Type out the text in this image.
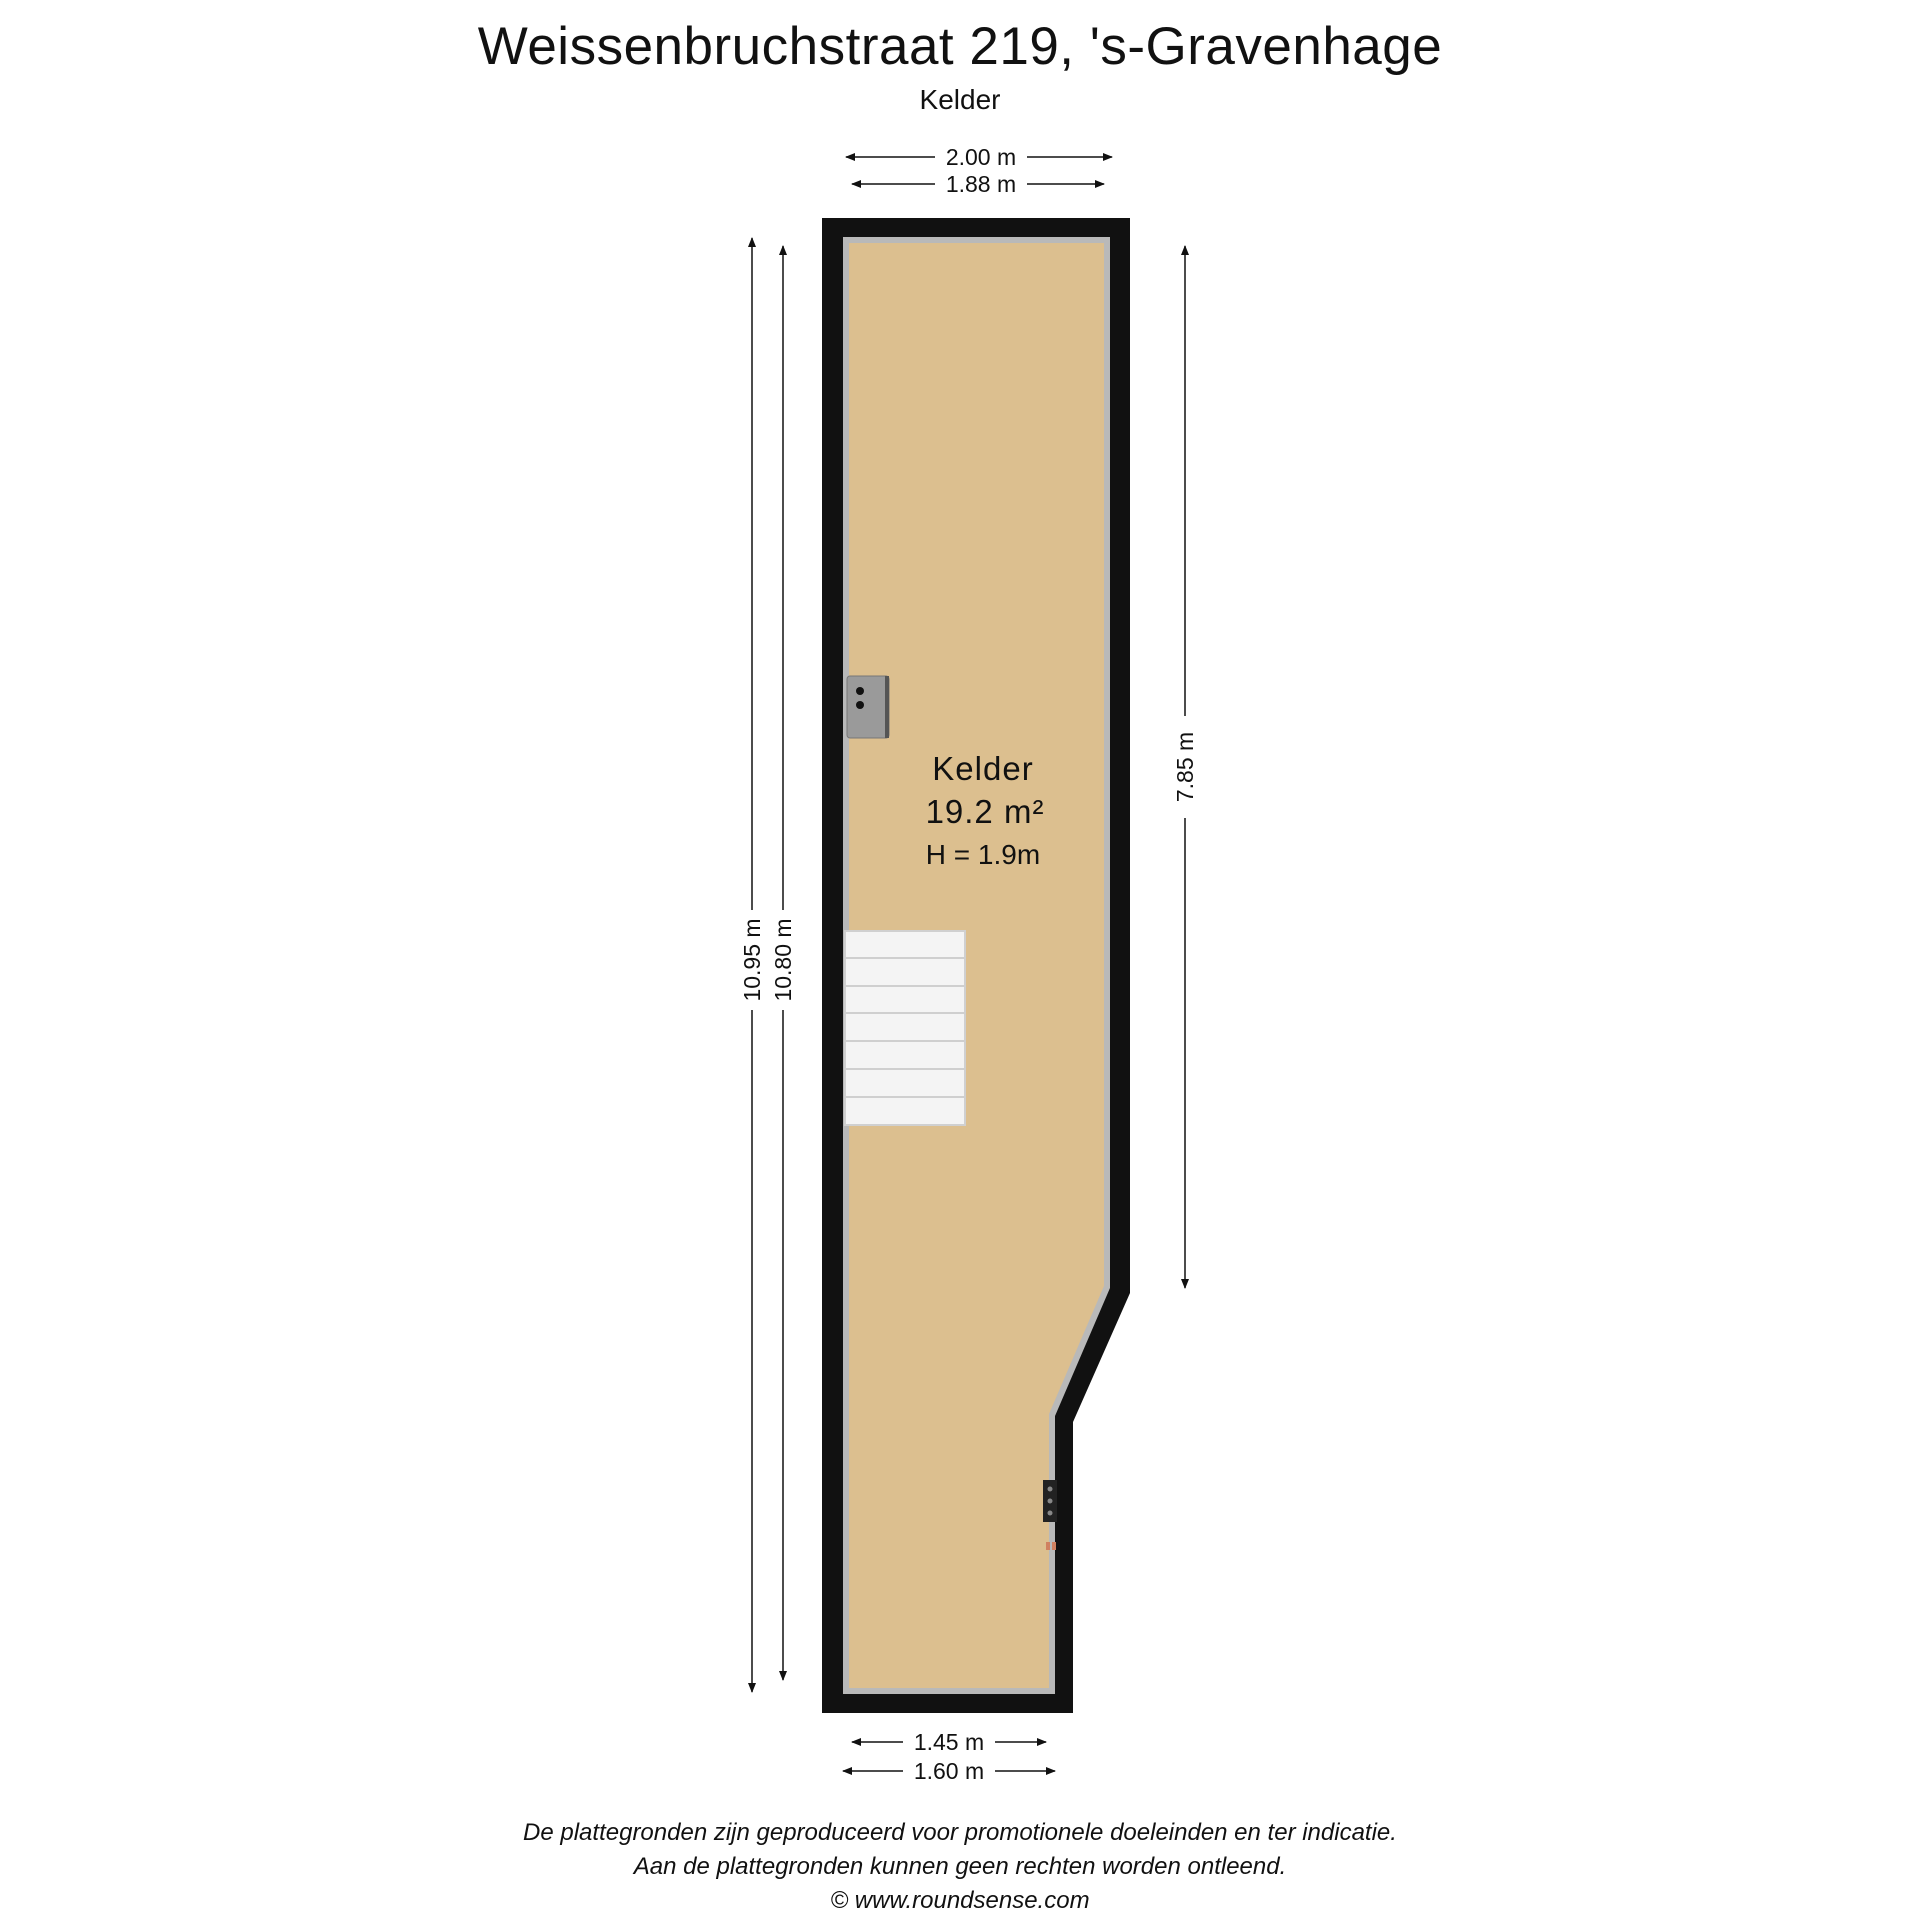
Weissenbruchstraat 219, 's-Gravenhage
Kelder
Kelder
19.2 m²
H = 1.9m
2.00 m
1.88 m
10.95 m 10.80 m
7.85 m
1.45 m
1.60 m
De plattegronden zijn geproduceerd voor promotionele doeleinden en ter indicatie.
Aan de plattegronden kunnen geen rechten worden ontleend.
© www.roundsense.com
